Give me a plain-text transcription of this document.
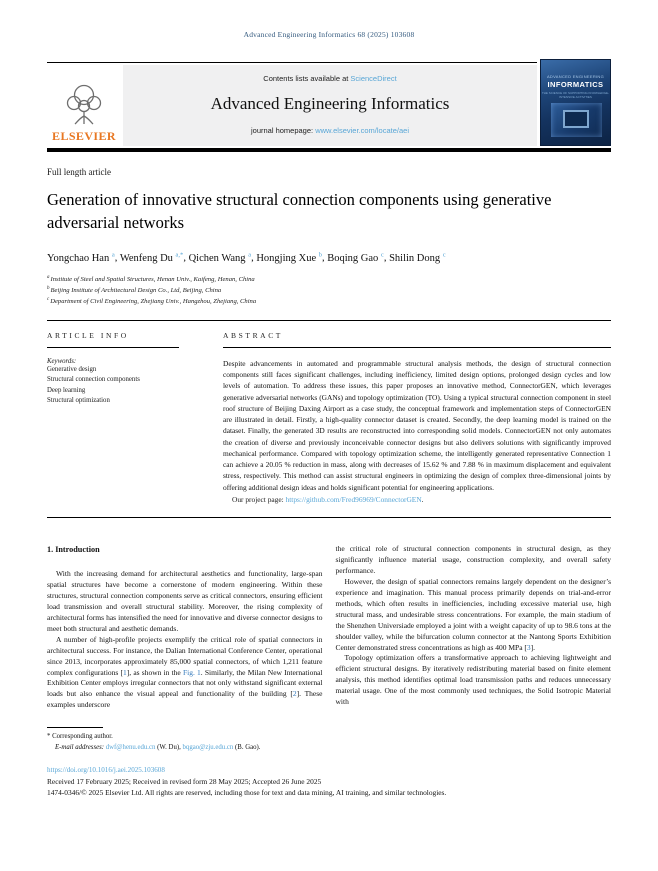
Advanced Engineering Informatics 68 (2025) 103608
ELSEVIER
Contents lists available at ScienceDirect
Advanced Engineering Informatics
journal homepage: www.elsevier.com/locate/aei
ADVANCED ENGINEERING
INFORMATICS
THE SCIENCE OF SUPPORTING KNOWLEDGE-INTENSIVE ACTIVITIES
Full length article
Generation of innovative structural connection components using generative adversarial networks
Yongchao Han $^a$, Wenfeng Du $^{a,*}$, Qichen Wang $^a$, Hongjing Xue $^b$, Boqing Gao $^c$, Shilin Dong $^c$
$^a$Institute of Steel and Spatial Structures, Henan Univ., Kaifeng, Henan, China
$^b$Beijing Institute of Architectural Design Co., Ltd, Beijing, China
$^c$Department of Civil Engineering, Zhejiang Univ., Hangzhou, Zhejiang, China
ARTICLE INFO
Keywords:
Generative design
Structural connection components
Deep learning
Structural optimization
ABSTRACT
Despite advancements in automated and programmable structural analysis methods, the design of structural connection components still faces significant challenges, including inefficiency, limited design options, prolonged design cycles and low levels of automation. To address these issues, this paper proposes an innovative method, ConnectorGEN, which leverages generative adversarial networks (GANs) and topology optimization (TO). Using a typical structural connection component in steel roof structure of Beijing Daxing Airport as a case study, the conceptual framework and implementation steps of ConnectorGEN are illustrated in detail. Firstly, a high-quality connector dataset is created. Secondly, the deep learning model is trained on the dataset. Finally, the generated 3D results are reconstructed into corresponding solid models. ConnectorGEN not only automates the creation of diverse and previously inconceivable connector designs but also delivers solutions with significantly improved mechanical performance. Compared with topology optimization scheme, the intelligently generated representative Connection 1 can achieve a 20.05 % reduction in mass, along with decreases of 15.62 % and 7.88 % in maximum displacement and equivalent stress, respectively. This method can assist structural engineers in optimizing the design of complex three-dimensional joints by offering additional design ideas and holds significant potential for engineering applications.
Our project page: https://github.com/Fred96969/ConnectorGEN.
1. Introduction

With the increasing demand for architectural aesthetics and functionality, large-span spatial structures have become a cornerstone of modern engineering. Within these structures, structural connection components serve as critical connectors, ensuring efficient load transmission and overall structural stability. Moreover, the rising complexity of architectural forms has intensified the need for innovative and diverse connector designs to meet both structural and aesthetic demands.

A number of high-profile projects exemplify the critical role of spatial connectors in architectural success. For instance, the Dalian International Conference Center, operational since 2013, incorporates approximately 85,000 spatial connectors, of which 1,211 feature complex configurations [1], as shown in the Fig. 1. Similarly, the Milan New International Exhibition Center employs irregular connectors that not only withstand significant external loads but also enhance the visual appeal and functionality of the building [2]. These examples underscore

the critical role of structural connection components in structural design, as they significantly influence material usage, construction complexity, and overall safety performance.

However, the design of spatial connectors remains largely dependent on the designer’s experience and imagination. This manual process primarily depends on trial-and-error methods, which often results in inefficiencies, including excessive material use, high structural mass, and undesirable stress concentrations. For example, the main stadium of the Shenzhen Universiade employed a joint with a weight capacity of up to 98.6 tons at the shoulder valley, while the bifurcation column connector at the Nantong Sports Exhibition Center demonstrated stress concentrations as high as 400 MPa [3].

Topology optimization offers a transformative approach to achieving lightweight and efficient structural designs. By iteratively redistributing material based on finite element analysis, this method identifies optimal load transmission paths and reduces unnecessary material usage. One of the most commonly used techniques, the Solid Isotropic Material with

* Corresponding author.
E-mail addresses: dwf@henu.edu.cn (W. Du), bqgao@zju.edu.cn (B. Gao).
https://doi.org/10.1016/j.aei.2025.103608
Received 17 February 2025; Received in revised form 28 May 2025; Accepted 26 June 2025
1474-0346/© 2025 Elsevier Ltd. All rights are reserved, including those for text and data mining, AI training, and similar technologies.
